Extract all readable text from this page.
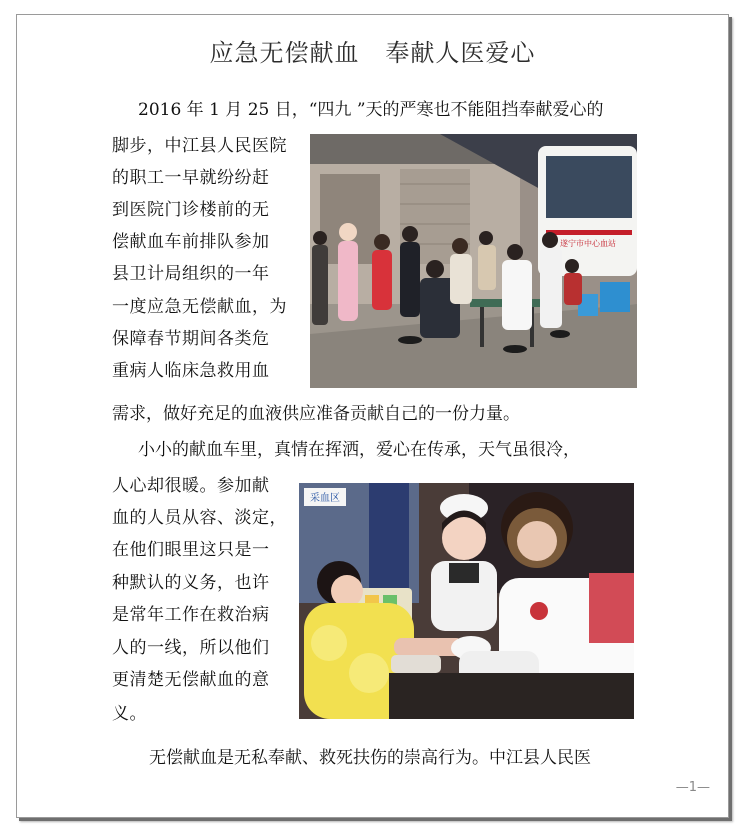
应急无偿献血   奉献人医爱心
2016 年 1 月 25 日，“四九 ”天的严寒也不能阻挡奉献爱心的
脚步，中江县人民医院
的职工一早就纷纷赶
到医院门诊楼前的无
偿献血车前排队参加
县卫计局组织的一年
一度应急无偿献血，为
保障春节期间各类危
重病人临床急救用血
遂宁市中心血站
需求，做好充足的血液供应准备贡献自己的一份力量。
小小的献血车里，真情在挥洒，爱心在传承，天气虽很冷，
人心却很暖。参加献
血的人员从容、淡定，
在他们眼里这只是一
种默认的义务，也许
是常年工作在救治病
人的一线，所以他们
更清楚无偿献血的意
义。
采血区
无偿献血是无私奉献、救死扶伤的崇高行为。中江县人民医
—1—
